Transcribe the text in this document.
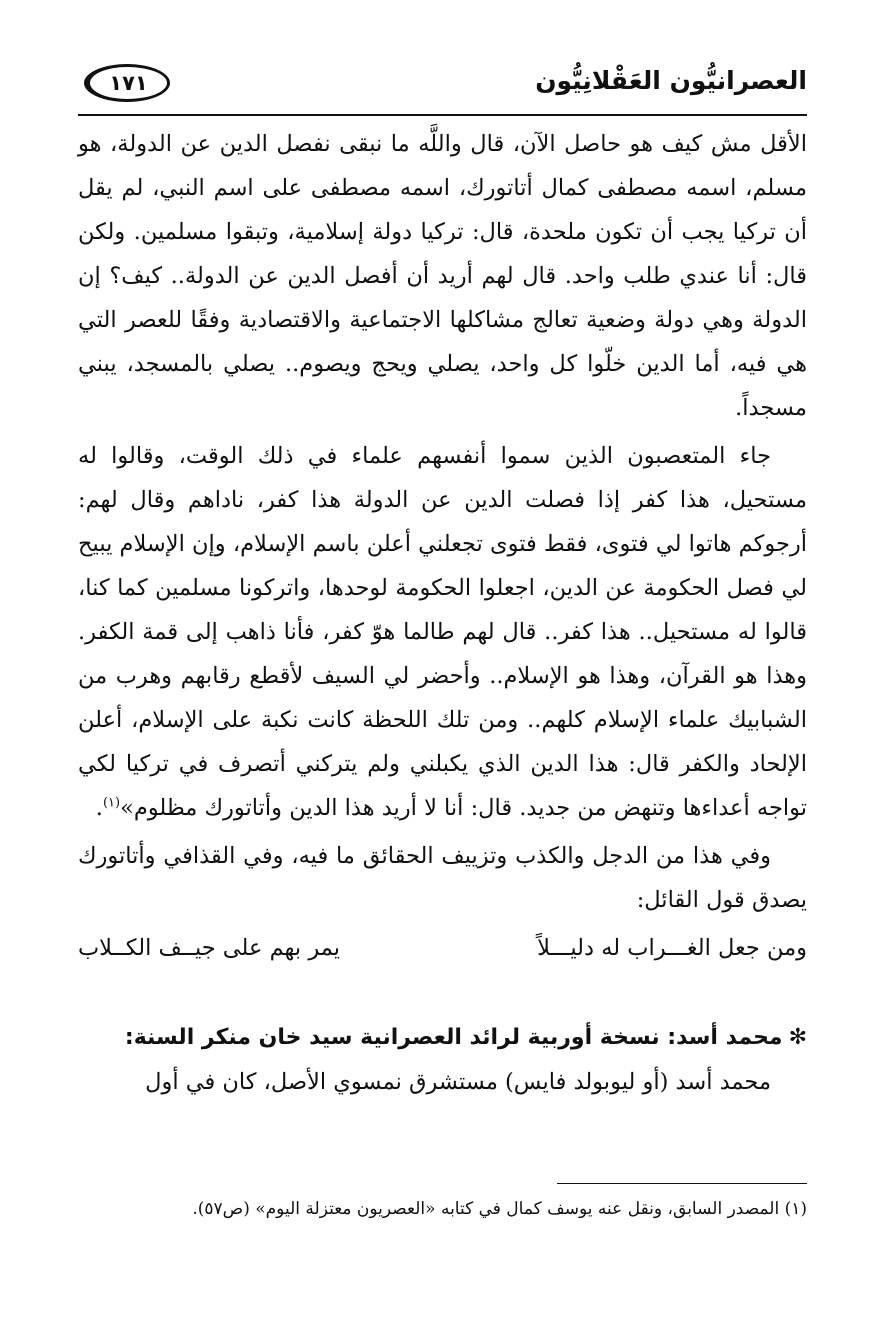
العصرانيُّون العَقْلانِيُّون
١٧١

الأقل مش كيف هو حاصل الآن، قال واللَّه ما نبقى نفصل الدين عن الدولة، هو مسلم، اسمه مصطفى كمال أتاتورك، اسمه مصطفى على اسم النبي، لم يقل أن تركيا يجب أن تكون ملحدة، قال: تركيا دولة إسلامية، وتبقوا مسلمين. ولكن قال: أنا عندي طلب واحد. قال لهم أريد أن أفصل الدين عن الدولة.. كيف؟ إن الدولة وهي دولة وضعية تعالج مشاكلها الاجتماعية والاقتصادية وفقًا للعصر التي هي فيه، أما الدين خلّوا كل واحد، يصلي ويحج ويصوم.. يصلي بالمسجد، يبني مسجداً.

جاء المتعصبون الذين سموا أنفسهم علماء في ذلك الوقت، وقالوا له مستحيل، هذا كفر إذا فصلت الدين عن الدولة هذا كفر، ناداهم وقال لهم: أرجوكم هاتوا لي فتوى، فقط فتوى تجعلني أعلن باسم الإسلام، وإن الإسلام يبيح لي فصل الحكومة عن الدين، اجعلوا الحكومة لوحدها، واتركونا مسلمين كما كنا، قالوا له مستحيل.. هذا كفر.. قال لهم طالما هوّ كفر، فأنا ذاهب إلى قمة الكفر. وهذا هو القرآن، وهذا هو الإسلام.. وأحضر لي السيف لأقطع رقابهم وهرب من الشبابيك علماء الإسلام كلهم.. ومن تلك اللحظة كانت نكبة على الإسلام، أعلن الإلحاد والكفر قال: هذا الدين الذي يكبلني ولم يتركني أتصرف في تركيا لكي تواجه أعداءها وتنهض من جديد. قال: أنا لا أريد هذا الدين وأتاتورك مظلوم»$^{(١)}$.

وفي هذا من الدجل والكذب وتزييف الحقائق ما فيه، وفي القذافي وأتاتورك يصدق قول القائل:

ومن جعل الغـــراب له دليـــلاً
يمر بهم على جيــف الكــلاب
✻محمد أسد: نسخة أوربية لرائد العصرانية سيد خان منكر السنة:

محمد أسد (أو ليوبولد فايس) مستشرق نمسوي الأصل، كان في أول

(١) المصدر السابق، ونقل عنه يوسف كمال في كتابه «العصريون معتزلة اليوم» (ص٥٧).
